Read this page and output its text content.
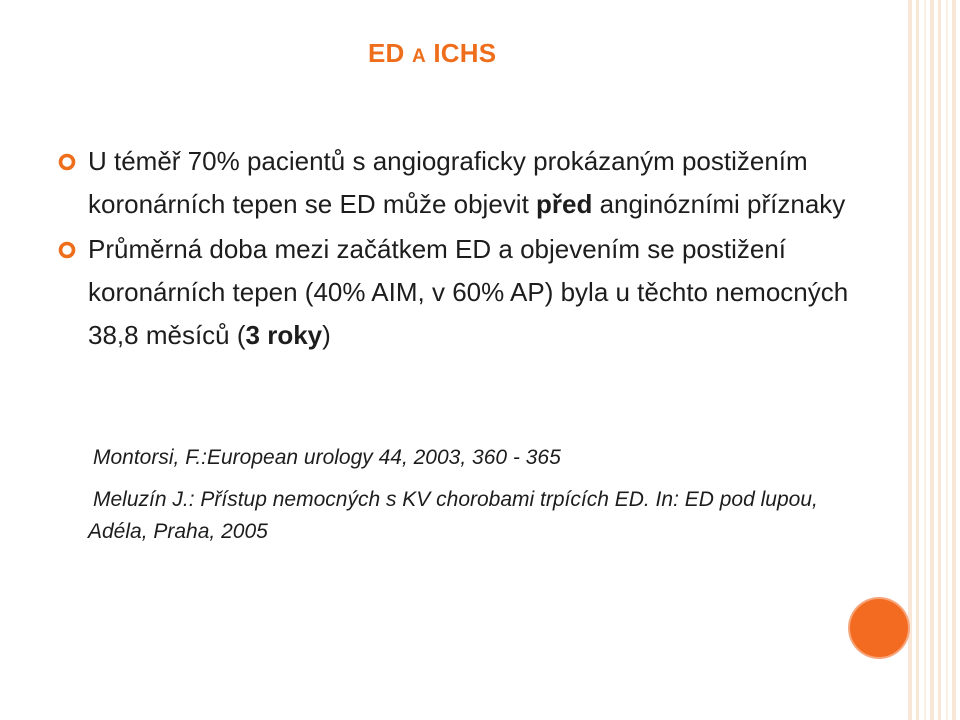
ED A ICHS
U téměř 70% pacientů s angiograficky prokázaným postižením koronárních tepen se ED může objevit před anginózními příznaky
Průměrná doba mezi začátkem ED a objevením se postižení koronárních tepen (40% AIM, v 60% AP) byla u těchto nemocných 38,8 měsíců (3 roky)
Montorsi, F.:European urology 44, 2003, 360 - 365
Meluzín J.: Přístup nemocných s KV chorobami trpících ED. In: ED pod lupou, Adéla, Praha, 2005
